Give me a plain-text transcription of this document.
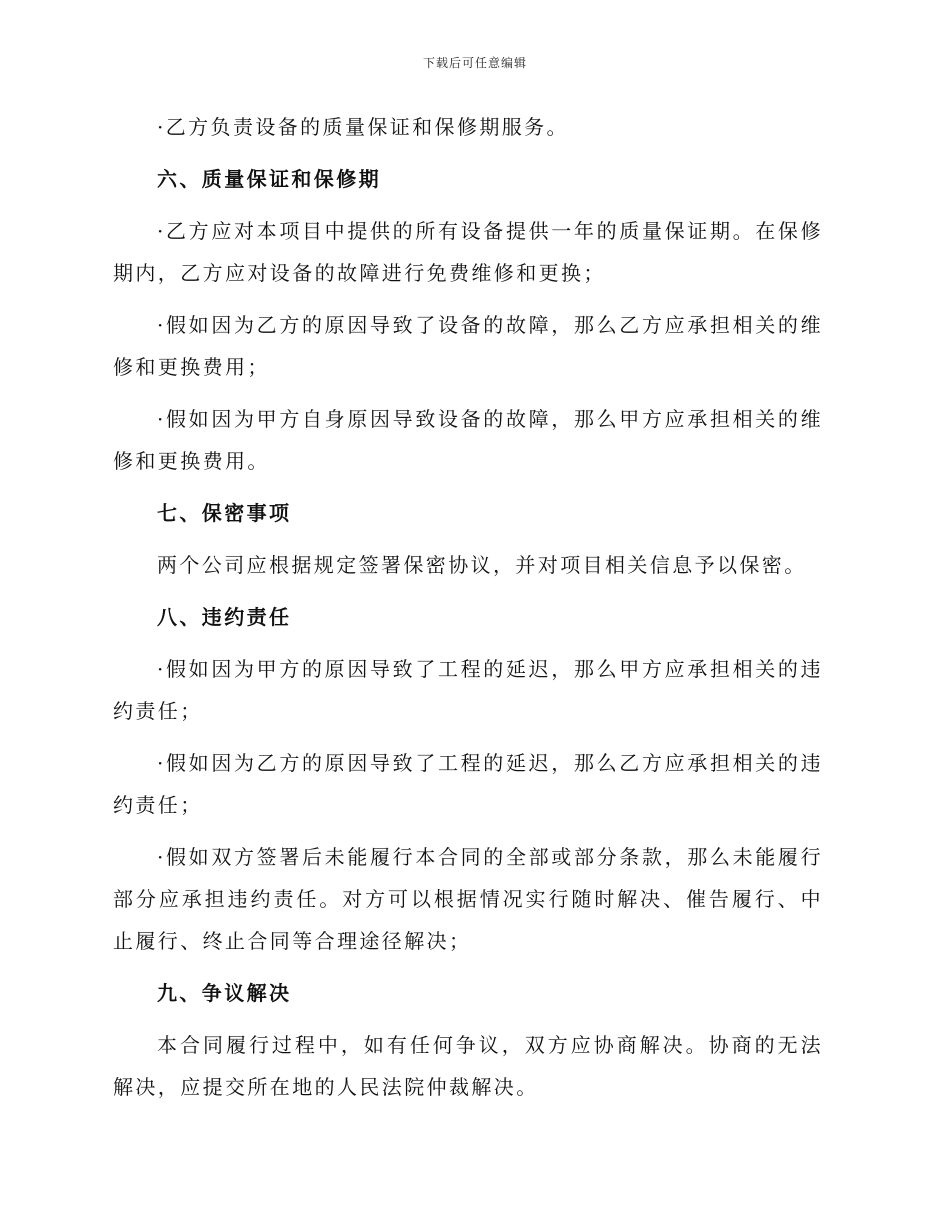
下载后可任意编辑

·乙方负责设备的质量保证和保修期服务。

六、质量保证和保修期

·乙方应对本项目中提供的所有设备提供一年的质量保证期。在保修期内，乙方应对设备的故障进行免费维修和更换；

·假如因为乙方的原因导致了设备的故障，那么乙方应承担相关的维修和更换费用；

·假如因为甲方自身原因导致设备的故障，那么甲方应承担相关的维修和更换费用。

七、保密事项

两个公司应根据规定签署保密协议，并对项目相关信息予以保密。

八、违约责任

·假如因为甲方的原因导致了工程的延迟，那么甲方应承担相关的违约责任；

·假如因为乙方的原因导致了工程的延迟，那么乙方应承担相关的违约责任；

·假如双方签署后未能履行本合同的全部或部分条款，那么未能履行部分应承担违约责任。对方可以根据情况实行随时解决、催告履行、中止履行、终止合同等合理途径解决；

九、争议解决

本合同履行过程中，如有任何争议，双方应协商解决。协商的无法解决，应提交所在地的人民法院仲裁解决。
